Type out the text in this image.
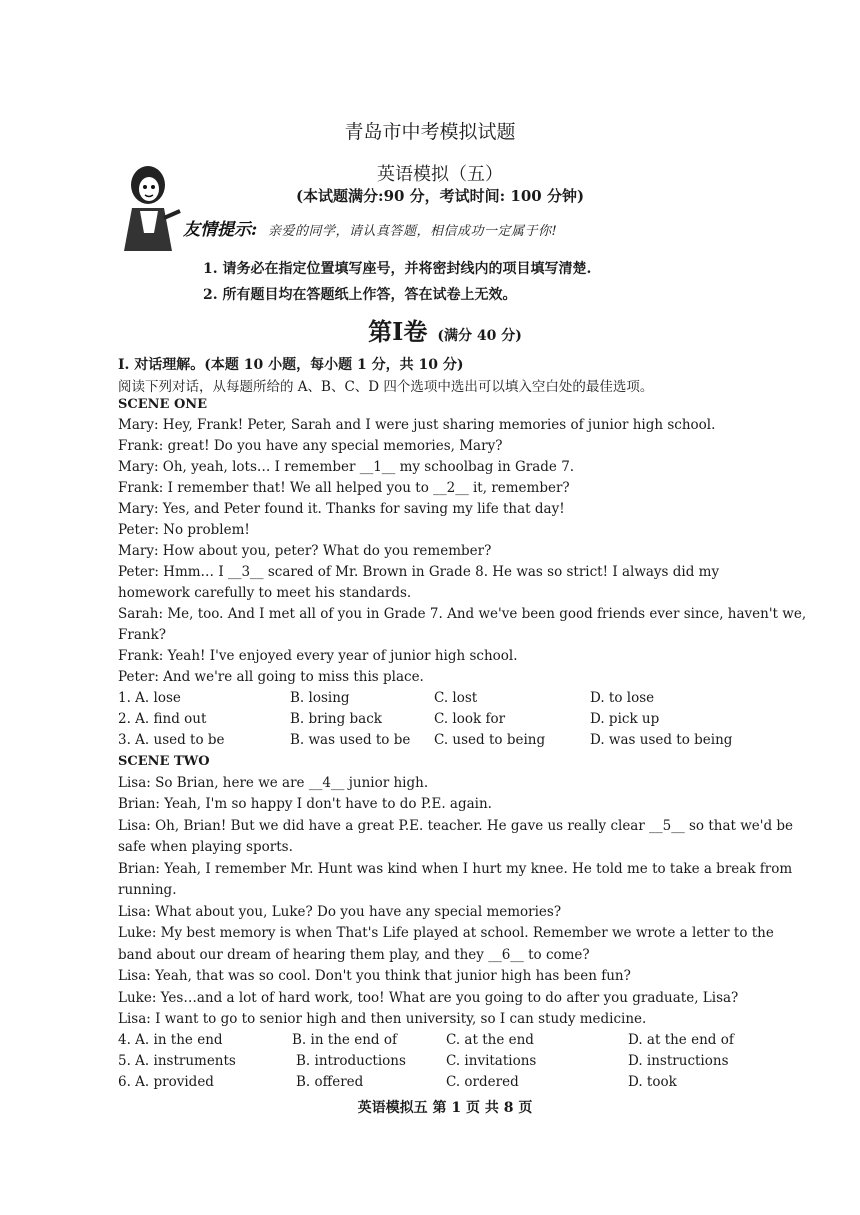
青岛市中考模拟试题
英语模拟（五）
(本试题满分:90 分，考试时间: 100 分钟)
友情提示: 亲爱的同学，请认真答题，相信成功一定属于你!
1. 请务必在指定位置填写座号，并将密封线内的项目填写清楚.
2. 所有题目均在答题纸上作答，答在试卷上无效。
第I卷 (满分 40 分)
I. 对话理解。(本题 10 小题，每小题 1 分，共 10 分)
阅读下列对话，从每题所给的 A、B、C、D 四个选项中选出可以填入空白处的最佳选项。
SCENE ONE
Mary: Hey, Frank! Peter, Sarah and I were just sharing memories of junior high school.
Frank: great! Do you have any special memories, Mary?
Mary: Oh, yeah, lots… I remember __1__ my schoolbag in Grade 7.
Frank: I remember that! We all helped you to __2__ it, remember?
Mary: Yes, and Peter found it. Thanks for saving my life that day!
Peter: No problem!
Mary: How about you, peter? What do you remember?
Peter: Hmm… I __3__ scared of Mr. Brown in Grade 8. He was so strict! I always did my
homework carefully to meet his standards.
Sarah: Me, too. And I met all of you in Grade 7. And we've been good friends ever since, haven't we,
Frank?
Frank: Yeah! I've enjoyed every year of junior high school.
Peter: And we're all going to miss this place.
1. A. lose	B. losing	C. lost	D. to lose
2. A. find out	B. bring back	C. look for	D. pick up
3. A. used to be	B. was used to be C. used to being	D. was used to being
SCENE TWO
Lisa: So Brian, here we are __4__ junior high.
Brian: Yeah, I'm so happy I don't have to do P.E. again.
Lisa: Oh, Brian! But we did have a great P.E. teacher. He gave us really clear __5__ so that we'd be
safe when playing sports.
Brian: Yeah, I remember Mr. Hunt was kind when I hurt my knee. He told me to take a break from
running.
Lisa: What about you, Luke? Do you have any special memories?
Luke: My best memory is when That's Life played at school. Remember we wrote a letter to the
band about our dream of hearing them play, and they __6__ to come?
Lisa: Yeah, that was so cool. Don't you think that junior high has been fun?
Luke: Yes…and a lot of hard work, too! What are you going to do after you graduate, Lisa?
Lisa: I want to go to senior high and then university, so I can study medicine.
4. A. in the end	B. in the end of	C. at the end	D. at the end of
5. A. instruments	B. introductions	C. invitations	D. instructions
6. A. provided	B. offered	C. ordered	D. took
英语模拟五 第 1 页 共 8 页
